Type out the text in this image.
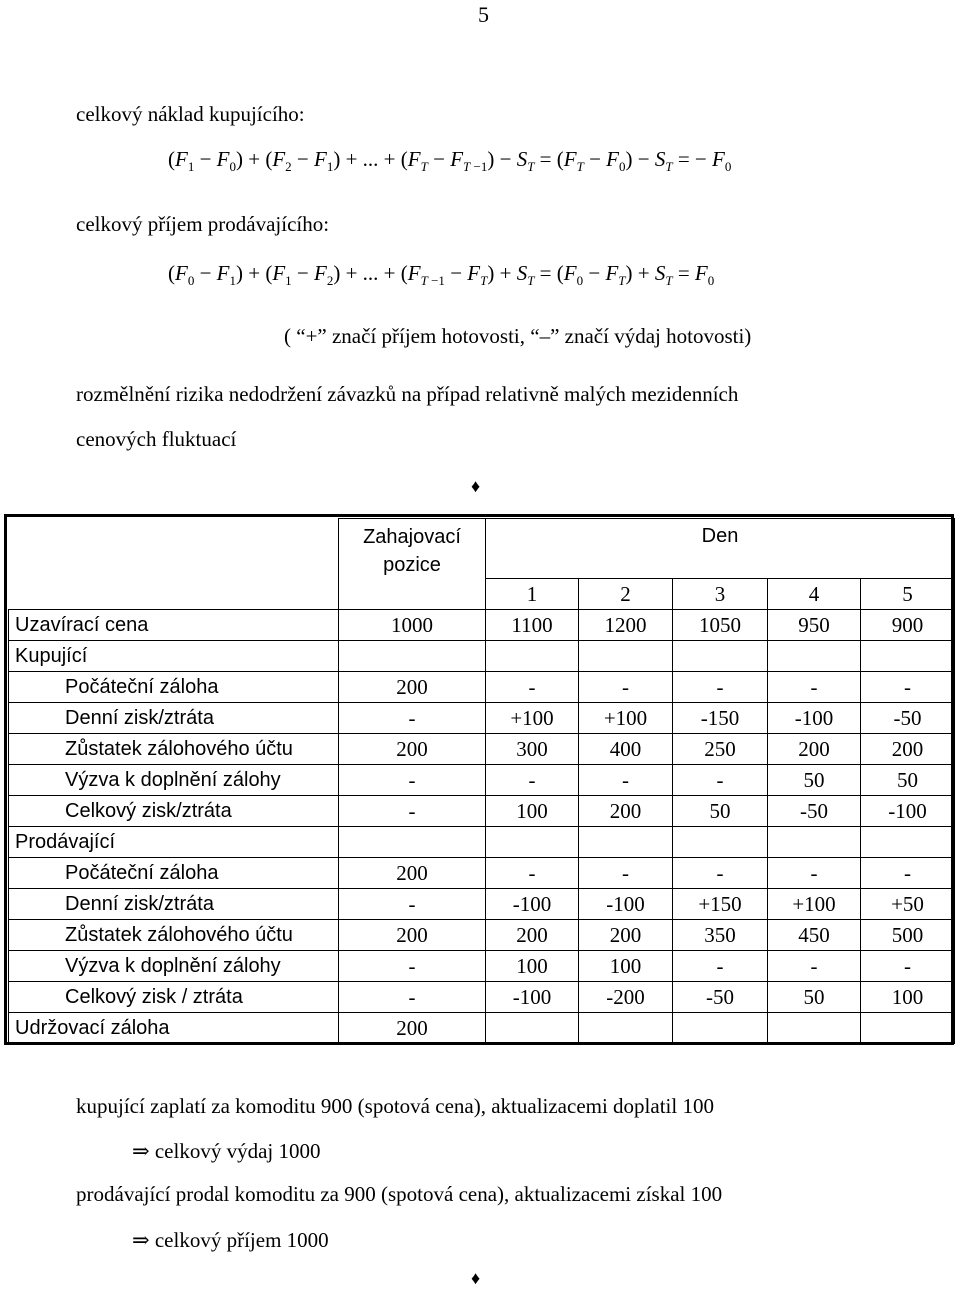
5
celkový náklad kupujícího:
$(F_1 - F_0) + (F_2 - F_1)$ + ... + $(F_T - F_{T -1}) - S_T = (F_T - F_0) - S_T$ = − $F_0$
celkový příjem prodávajícího:
$(F_0 - F_1) + (F_1 - F_2)$ + ... + $(F_{T -1} - F_T) + S_T = (F_0 - F_T) + S_T = F_0$
( “+” značí příjem hotovosti, “–” značí výdaj hotovosti)
rozmělnění rizika nedodržení závazků na případ relativně malých mezidenních
cenových fluktuací
♦
	Zahajovací pozice	Den				
		1	2	3	4	5
Uzavírací cena	1000	1100	1200	1050	950	900
Kupující						
Počáteční záloha	200	-	-	-	-	-
Denní zisk/ztráta	-	+100	+100	-150	-100	-50
Zůstatek zálohového účtu	200	300	400	250	200	200
Výzva k doplnění zálohy	-	-	-	-	50	50
Celkový zisk/ztráta	-	100	200	50	-50	-100
Prodávající						
Počáteční záloha	200	-	-	-	-	-
Denní zisk/ztráta	-	-100	-100	+150	+100	+50
Zůstatek zálohového účtu	200	200	200	350	450	500
Výzva k doplnění zálohy	-	100	100	-	-	-
Celkový zisk / ztráta	-	-100	-200	-50	50	100
Udržovací záloha	200					
kupující zaplatí za komoditu 900 (spotová cena), aktualizacemi doplatil 100
⇒ celkový výdaj 1000
prodávající prodal komoditu za 900 (spotová cena), aktualizacemi získal 100
⇒ celkový příjem 1000
♦
